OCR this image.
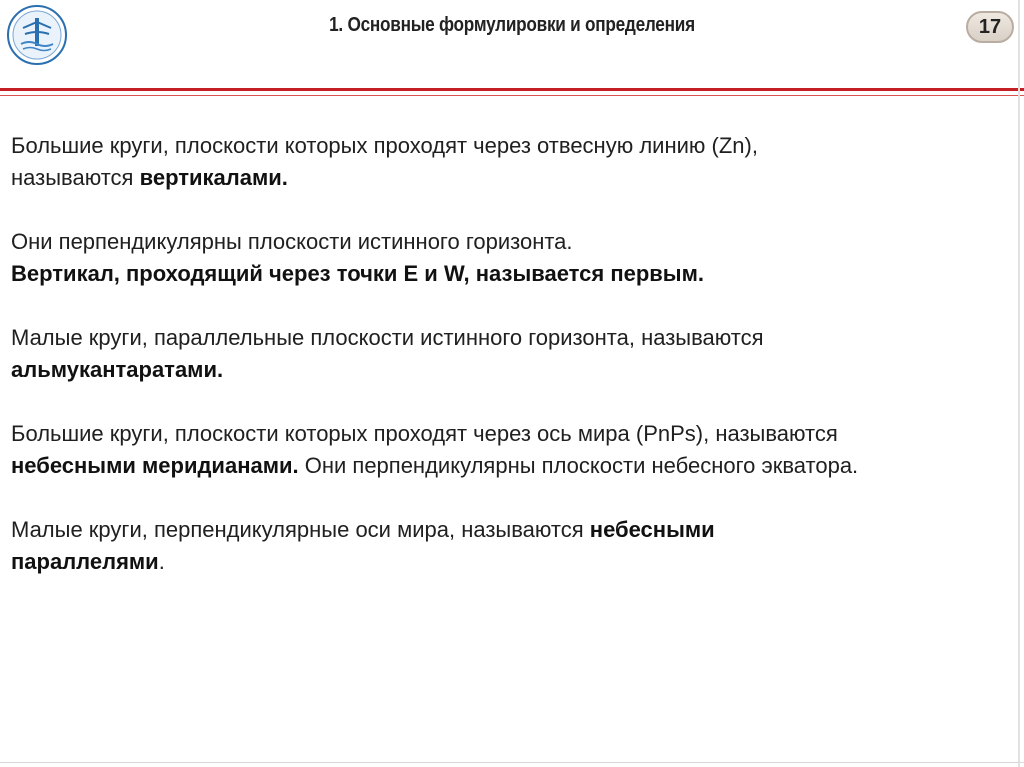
1. Основные формулировки и определения	17

Большие круги, плоскости которых проходят через отвесную линию (Zn),
называются вертикалами.

Они перпендикулярны плоскости истинного горизонта.
Вертикал, проходящий через точки E и W, называется первым.

Малые круги, параллельные плоскости истинного горизонта, называются
альмукантаратами.

Большие круги, плоскости которых проходят через ось мира (PnPs), называются
небесными меридианами. Они перпендикулярны плоскости небесного экватора.

Малые круги, перпендикулярные оси мира, называются небесными
параллелями.
